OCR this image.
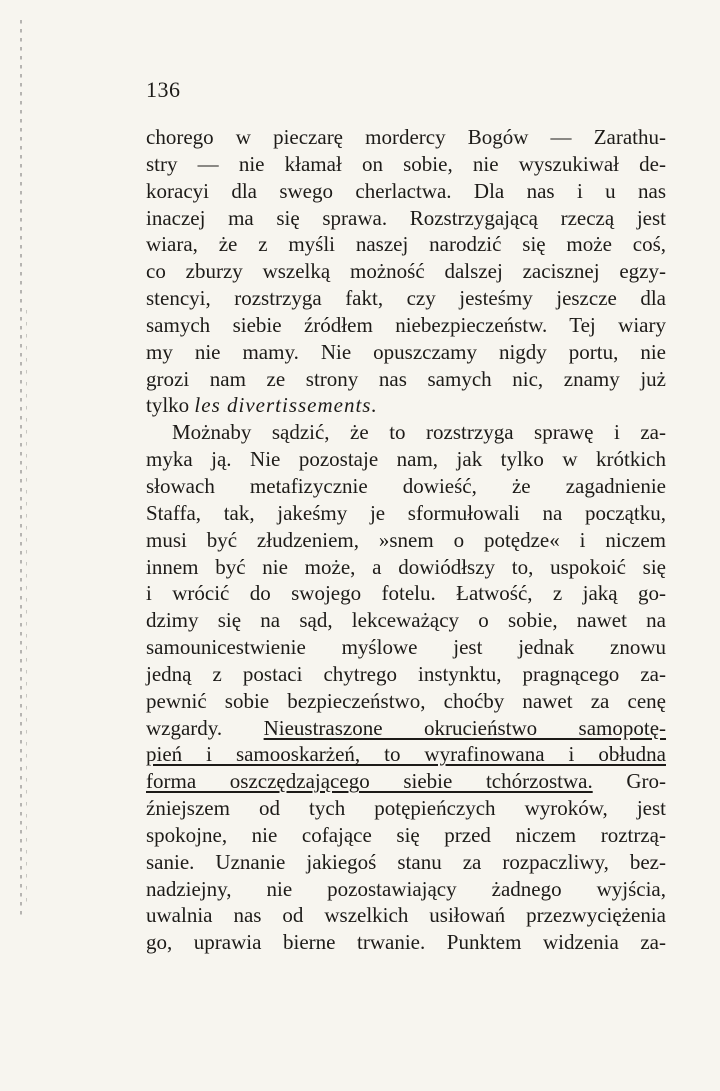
136
chorego w pieczarę mordercy Bogów — Zarathu-
stry — nie kłamał on sobie, nie wyszukiwał de-
koracyi dla swego cherlactwa. Dla nas i u nas
inaczej ma się sprawa. Rozstrzygającą rzeczą jest
wiara, że z myśli naszej narodzić się może coś,
co zburzy wszelką możność dalszej zacisznej egzy-
stencyi, rozstrzyga fakt, czy jesteśmy jeszcze dla
samych siebie źródłem niebezpieczeństw. Tej wiary
my nie mamy. Nie opuszczamy nigdy portu, nie
grozi nam ze strony nas samych nic, znamy już
tylko les divertissements.
Możnaby sądzić, że to rozstrzyga sprawę i za-
myka ją. Nie pozostaje nam, jak tylko w krótkich
słowach metafizycznie dowieść, że zagadnienie
Staffa, tak, jakeśmy je sformułowali na początku,
musi być złudzeniem, »snem o potędze« i niczem
innem być nie może, a dowiódłszy to, uspokoić się
i wrócić do swojego fotelu. Łatwość, z jaką go-
dzimy się na sąd, lekceważący o sobie, nawet na
samounicestwienie myślowe jest jednak znowu
jedną z postaci chytrego instynktu, pragnącego za-
pewnić sobie bezpieczeństwo, choćby nawet za cenę
wzgardy. Nieustraszone okrucieństwo samopotę-
pień i samooskarżeń, to wyrafinowana i obłudna
forma oszczędzającego siebie tchórzostwa. Gro-
źniejszem od tych potępieńczych wyroków, jest
spokojne, nie cofające się przed niczem roztrzą-
sanie. Uznanie jakiegoś stanu za rozpaczliwy, bez-
nadziejny, nie pozostawiający żadnego wyjścia,
uwalnia nas od wszelkich usiłowań przezwyciężenia
go, uprawia bierne trwanie. Punktem widzenia za-
